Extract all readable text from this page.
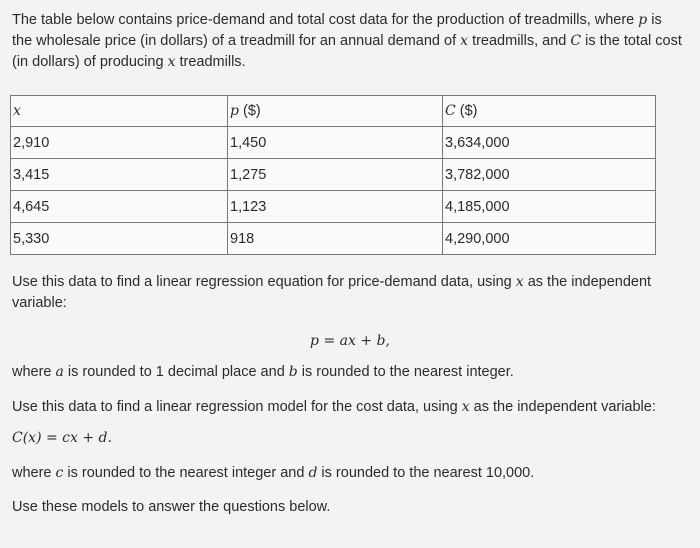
The table below contains price-demand and total cost data for the production of treadmills, where p is the wholesale price (in dollars) of a treadmill for an annual demand of x treadmills, and C is the total cost (in dollars) of producing x treadmills.
x	p ($)	C ($)
2,910	1,450	3,634,000
3,415	1,275	3,782,000
4,645	1,123	4,185,000
5,330	918	4,290,000
Use this data to find a linear regression equation for price-demand data, using x as the independent variable:
p = ax + b,
where a is rounded to 1 decimal place and b is rounded to the nearest integer.
Use this data to find a linear regression model for the cost data, using x as the independent variable:
C(x) = cx + d.
where c is rounded to the nearest integer and d is rounded to the nearest 10,000.
Use these models to answer the questions below.
